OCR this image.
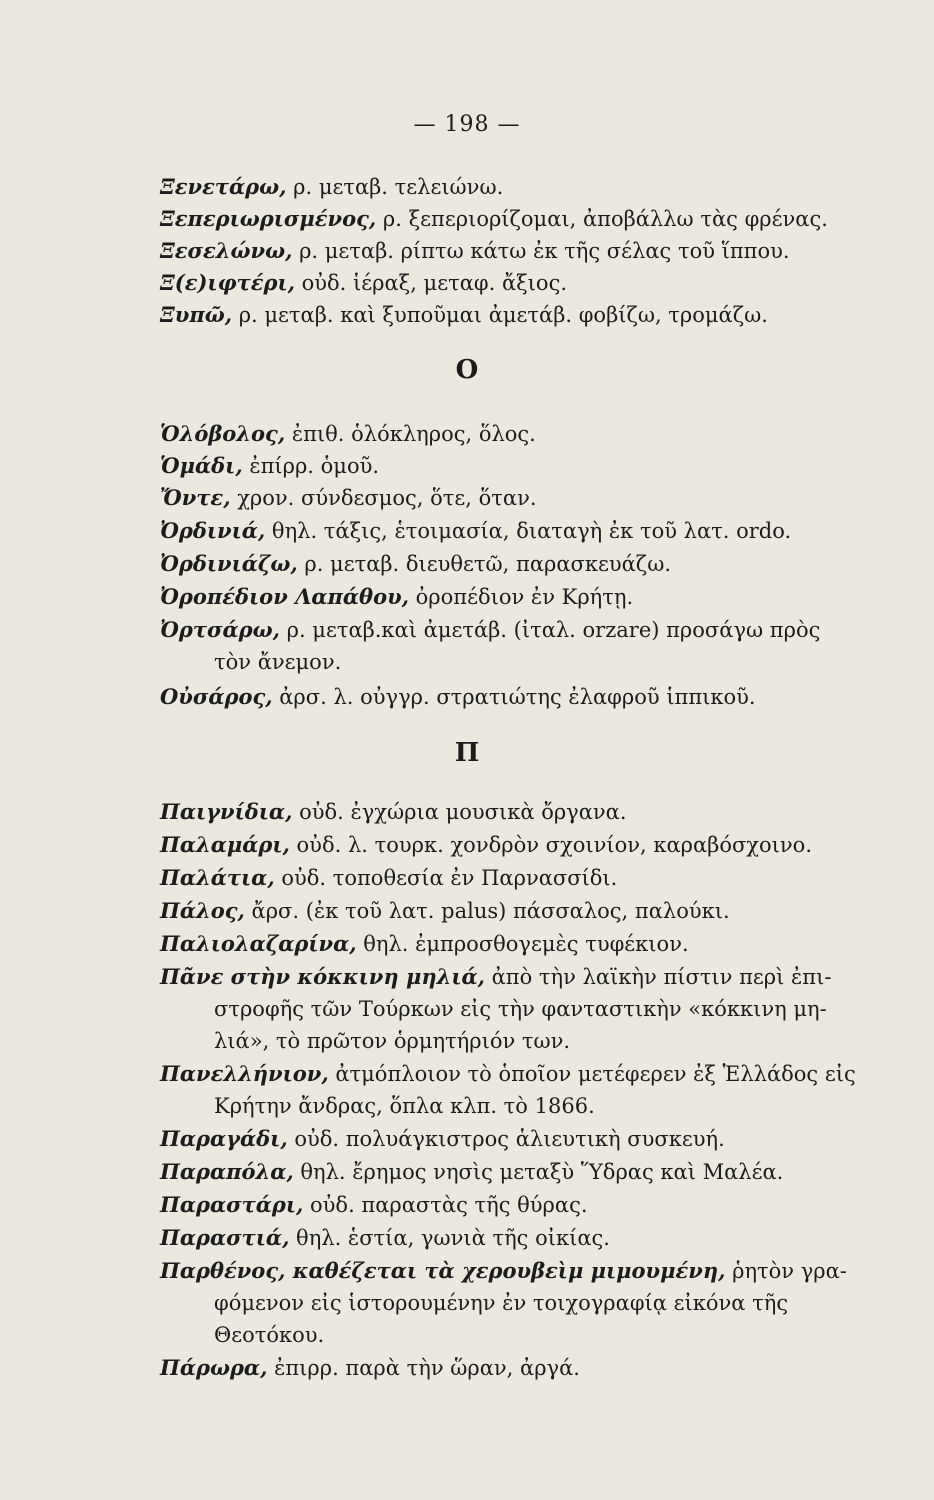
— 198 —
Ξενετάρω, ρ. μεταβ. τελειώνω.
Ξεπεριωρισμένος, ρ. ξεπεριορίζομαι, ἀποβάλλω τὰς φρένας.
Ξεσελώνω, ρ. μεταβ. ρίπτω κάτω ἐκ τῆς σέλας τοῦ ἵππου.
Ξ(ε)ιφτέρι, οὐδ. ἱέραξ, μεταφ. ἄξιος.
Ξυπῶ, ρ. μεταβ. καὶ ξυποῦμαι ἀμετάβ. φοβίζω, τρομάζω.
O
Ὁλόβολος, ἐπιθ. ὁλόκληρος, ὅλος.
Ὁμάδι, ἐπίρρ. ὁμοῦ.
Ὄντε, χρον. σύνδεσμος, ὅτε, ὅταν.
Ὀρδινιά, θηλ. τάξις, ἑτοιμασία, διαταγὴ ἐκ τοῦ λατ. ordo.
Ὀρδινιάζω, ρ. μεταβ. διευθετῶ, παρασκευάζω.
Ὀροπέδιον Λαπάθου, ὀροπέδιον ἐν Κρήτῃ.
Ὀρτσάρω, ρ. μεταβ.καὶ ἀμετάβ. (ἰταλ. orzare) προσάγω πρὸς
τὸν ἄνεμον.
Οὐσάρος, ἀρσ. λ. οὐγγρ. στρατιώτης ἐλαφροῦ ἱππικοῦ.
Π
Παιγνίδια, οὐδ. ἐγχώρια μουσικὰ ὄργανα.
Παλαμάρι, οὐδ. λ. τουρκ. χονδρὸν σχοινίον, καραβόσχοινο.
Παλάτια, οὐδ. τοποθεσία ἐν Παρνασσίδι.
Πάλος, ἄρσ. (ἐκ τοῦ λατ. palus) πάσσαλος, παλούκι.
Παλιολαζαρίνα, θηλ. ἐμπροσθογεμὲς τυφέκιον.
Πᾶνε στὴν κόκκινη μηλιά, ἀπὸ τὴν λαϊκὴν πίστιν περὶ ἐπι-
στροφῆς τῶν Τούρκων εἰς τὴν φανταστικὴν «κόκκινη μη-
λιά», τὸ πρῶτον ὁρμητήριόν των.
Πανελλήνιον, ἀτμόπλοιον τὸ ὁποῖον μετέφερεν ἐξ Ἑλλάδος εἰς
Κρήτην ἄνδρας, ὅπλα κλπ. τὸ 1866.
Παραγάδι, οὐδ. πολυάγκιστρος ἁλιευτικὴ συσκευή.
Παραπόλα, θηλ. ἔρημος νησὶς μεταξὺ Ὕδρας καὶ Μαλέα.
Παραστάρι, οὐδ. παραστὰς τῆς θύρας.
Παραστιά, θηλ. ἑστία, γωνιὰ τῆς οἰκίας.
Παρθένος, καθέζεται τὰ χερουβεὶμ μιμουμένη, ῥητὸν γρα-
φόμενον εἰς ἱστορουμένην ἐν τοιχογραφίᾳ εἰκόνα τῆς
Θεοτόκου.
Πάρωρα, ἐπιρρ. παρὰ τὴν ὥραν, ἀργά.
